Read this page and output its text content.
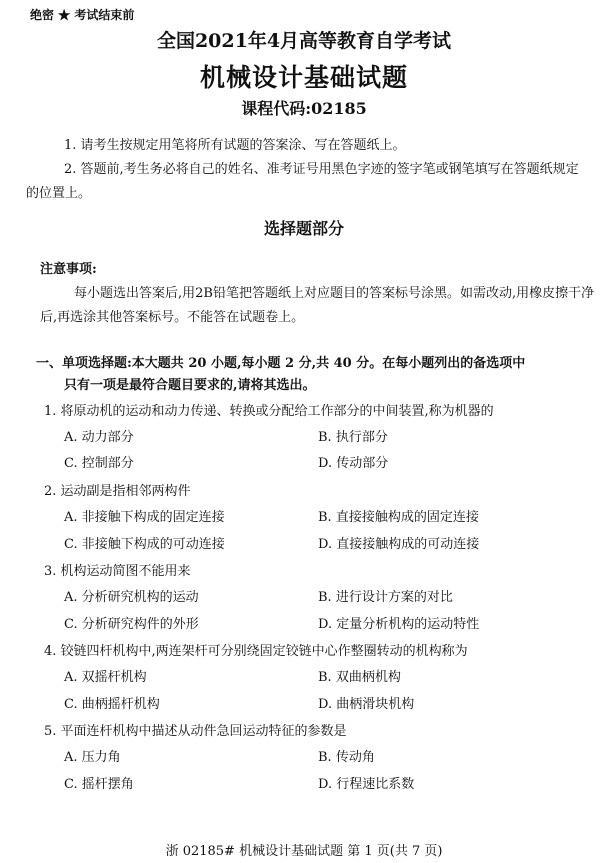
绝密 ★ 考试结束前
全国2021年4月高等教育自学考试
机械设计基础试题
课程代码:02185
1. 请考生按规定用笔将所有试题的答案涂、写在答题纸上。
2. 答题前,考生务必将自己的姓名、准考证号用黑色字迹的签字笔或钢笔填写在答题纸规定的位置上。
选择题部分
注意事项:
每小题选出答案后,用2B铅笔把答题纸上对应题目的答案标号涂黑。如需改动,用橡皮擦干净后,再选涂其他答案标号。不能答在试题卷上。
一、单项选择题:本大题共 20 小题,每小题 2 分,共 40 分。在每小题列出的备选项中
只有一项是最符合题目要求的,请将其选出。
1. 将原动机的运动和动力传递、转换或分配给工作部分的中间装置,称为机器的
A. 动力部分	B. 执行部分
C. 控制部分	D. 传动部分
2. 运动副是指相邻两构件
A. 非接触下构成的固定连接	B. 直接接触构成的固定连接
C. 非接触下构成的可动连接	D. 直接接触构成的可动连接
3. 机构运动简图不能用来
A. 分析研究机构的运动	B. 进行设计方案的对比
C. 分析研究构件的外形	D. 定量分析机构的运动特性
4. 铰链四杆机构中,两连架杆可分别绕固定铰链中心作整圈转动的机构称为
A. 双摇杆机构	B. 双曲柄机构
C. 曲柄摇杆机构	D. 曲柄滑块机构
5. 平面连杆机构中描述从动件急回运动特征的参数是
A. 压力角	B. 传动角
C. 摇杆摆角	D. 行程速比系数
浙 02185# 机械设计基础试题 第 1 页(共 7 页)
